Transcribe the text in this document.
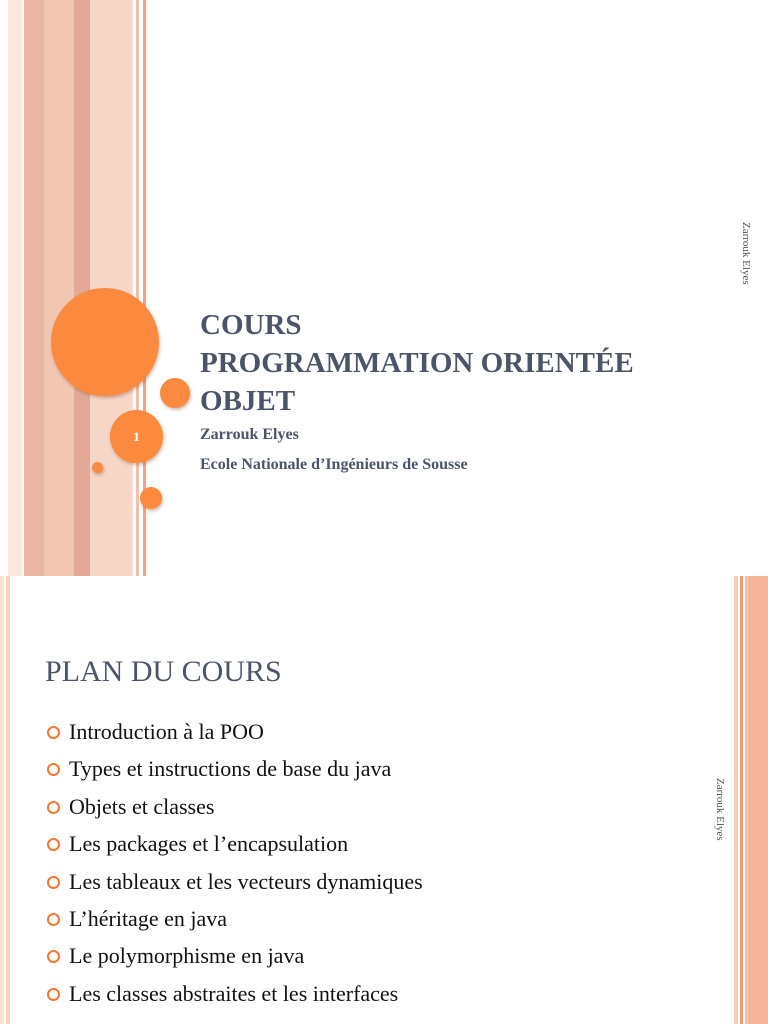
1
COURS
PROGRAMMATION ORIENTÉE
OBJET

Zarrouk Elyes

Ecole Nationale d’Ingénieurs de Sousse

Zarrouk Elyes
PLAN DU COURS
Introduction à la POO
Types et instructions de base du java
Objets et classes
Les packages et l’encapsulation
Les tableaux et les vecteurs dynamiques
L’héritage en java
Le polymorphisme en java
Les classes abstraites et les interfaces
Zarrouk Elyes
